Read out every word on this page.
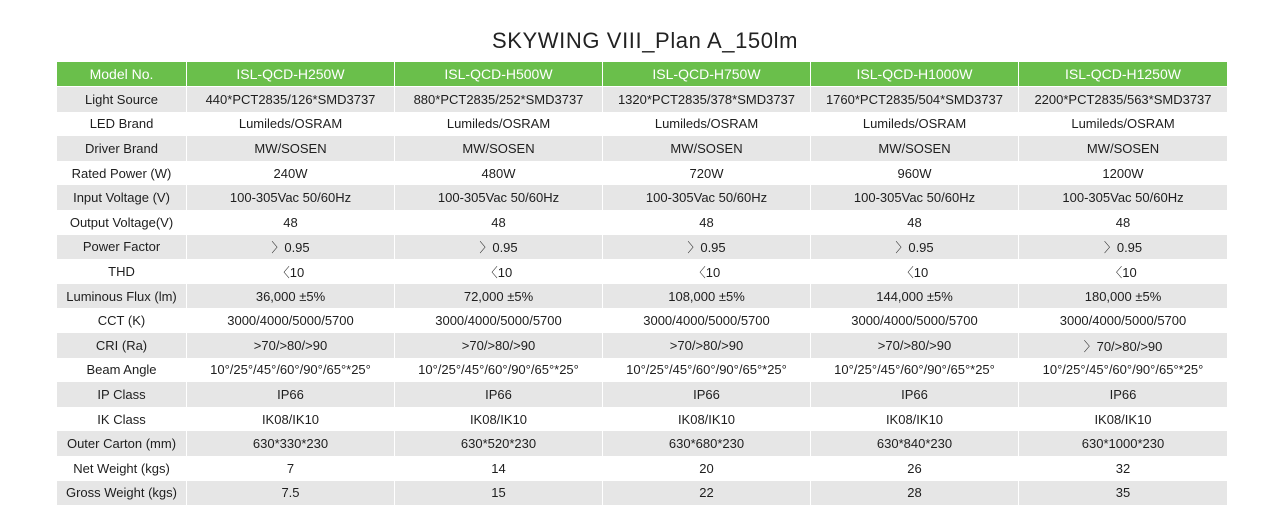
SKYWING VIII_Plan A_150lm
Model No.	ISL-QCD-H250W	ISL-QCD-H500W	ISL-QCD-H750W	ISL-QCD-H1000W	ISL-QCD-H1250W
Light Source	440*PCT2835/126*SMD3737	880*PCT2835/252*SMD3737	1320*PCT2835/378*SMD3737	1760*PCT2835/504*SMD3737	2200*PCT2835/563*SMD3737
LED Brand	Lumileds/OSRAM	Lumileds/OSRAM	Lumileds/OSRAM	Lumileds/OSRAM	Lumileds/OSRAM
Driver Brand	MW/SOSEN	MW/SOSEN	MW/SOSEN	MW/SOSEN	MW/SOSEN
Rated Power (W)	240W	480W	720W	960W	1200W
Input Voltage (V)	100-305Vac 50/60Hz	100-305Vac 50/60Hz	100-305Vac 50/60Hz	100-305Vac 50/60Hz	100-305Vac 50/60Hz
Output Voltage(V)	48	48	48	48	48
Power Factor	〉0.95	〉0.95	〉0.95	〉0.95	〉0.95
THD	〈10	〈10	〈10	〈10	〈10
Luminous Flux (lm)	36,000 ±5%	72,000 ±5%	108,000 ±5%	144,000 ±5%	180,000 ±5%
CCT (K)	3000/4000/5000/5700	3000/4000/5000/5700	3000/4000/5000/5700	3000/4000/5000/5700	3000/4000/5000/5700
CRI (Ra)	>70/>80/>90	>70/>80/>90	>70/>80/>90	>70/>80/>90	〉70/>80/>90
Beam Angle	10°/25°/45°/60°/90°/65°*25°	10°/25°/45°/60°/90°/65°*25°	10°/25°/45°/60°/90°/65°*25°	10°/25°/45°/60°/90°/65°*25°	10°/25°/45°/60°/90°/65°*25°
IP Class	IP66	IP66	IP66	IP66	IP66
IK Class	IK08/IK10	IK08/IK10	IK08/IK10	IK08/IK10	IK08/IK10
Outer Carton (mm)	630*330*230	630*520*230	630*680*230	630*840*230	630*1000*230
Net Weight (kgs)	7	14	20	26	32
Gross Weight (kgs)	7.5	15	22	28	35
